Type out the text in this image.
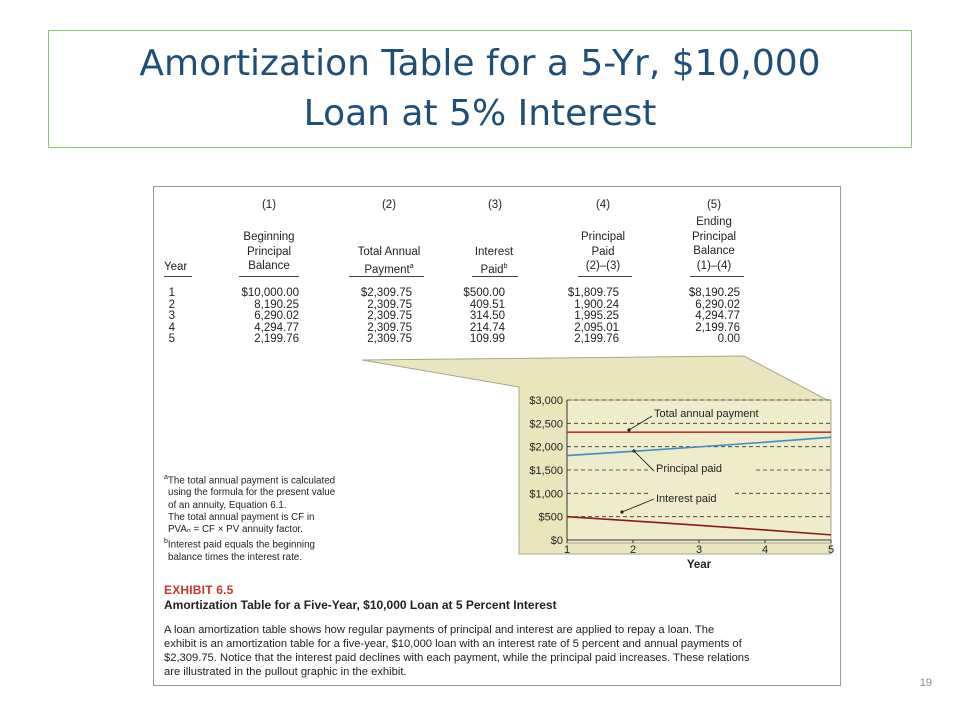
Amortization Table for a 5-Yr, $10,000
Loan at 5% Interest
(1)	(2)	(3)	(4)	(5)
Year
Beginning
Principal
Balance
Total Annual
Payment$^a$
Interest
Paid$^b$
Principal
Paid
(2)–(3)
Ending
Principal
Balance
(1)–(4)
1	$10,000.00	$2,309.75	$500.00	$1,809.75	$8,190.25
2	8,190.25	2,309.75	409.51	1,900.24	6,290.02
3	6,290.02	2,309.75	314.50	1,995.25	4,294.77
4	4,294.77	2,309.75	214.74	2,095.01	2,199.76
5	2,199.76	2,309.75	109.99	2,199.76	0.00
$0
$500
$1,000
$1,500
$2,000
$2,500
$3,000
1	2	3	4	5
Year
Total annual payment
Principal paid
Interest paid
$^a$The total annual payment is calculated
using the formula for the present value
of an annuity, Equation 6.1.
The total annual payment is CF in
PVAₙ = CF × PV annuity factor.
$^b$Interest paid equals the beginning
balance times the interest rate.
EXHIBIT 6.5
Amortization Table for a Five-Year, $10,000 Loan at 5 Percent Interest
A loan amortization table shows how regular payments of principal and interest are applied to repay a loan. The
exhibit is an amortization table for a five-year, $10,000 loan with an interest rate of 5 percent and annual payments of
$2,309.75. Notice that the interest paid declines with each payment, while the principal paid increases. These relations
are illustrated in the pullout graphic in the exhibit.
19
